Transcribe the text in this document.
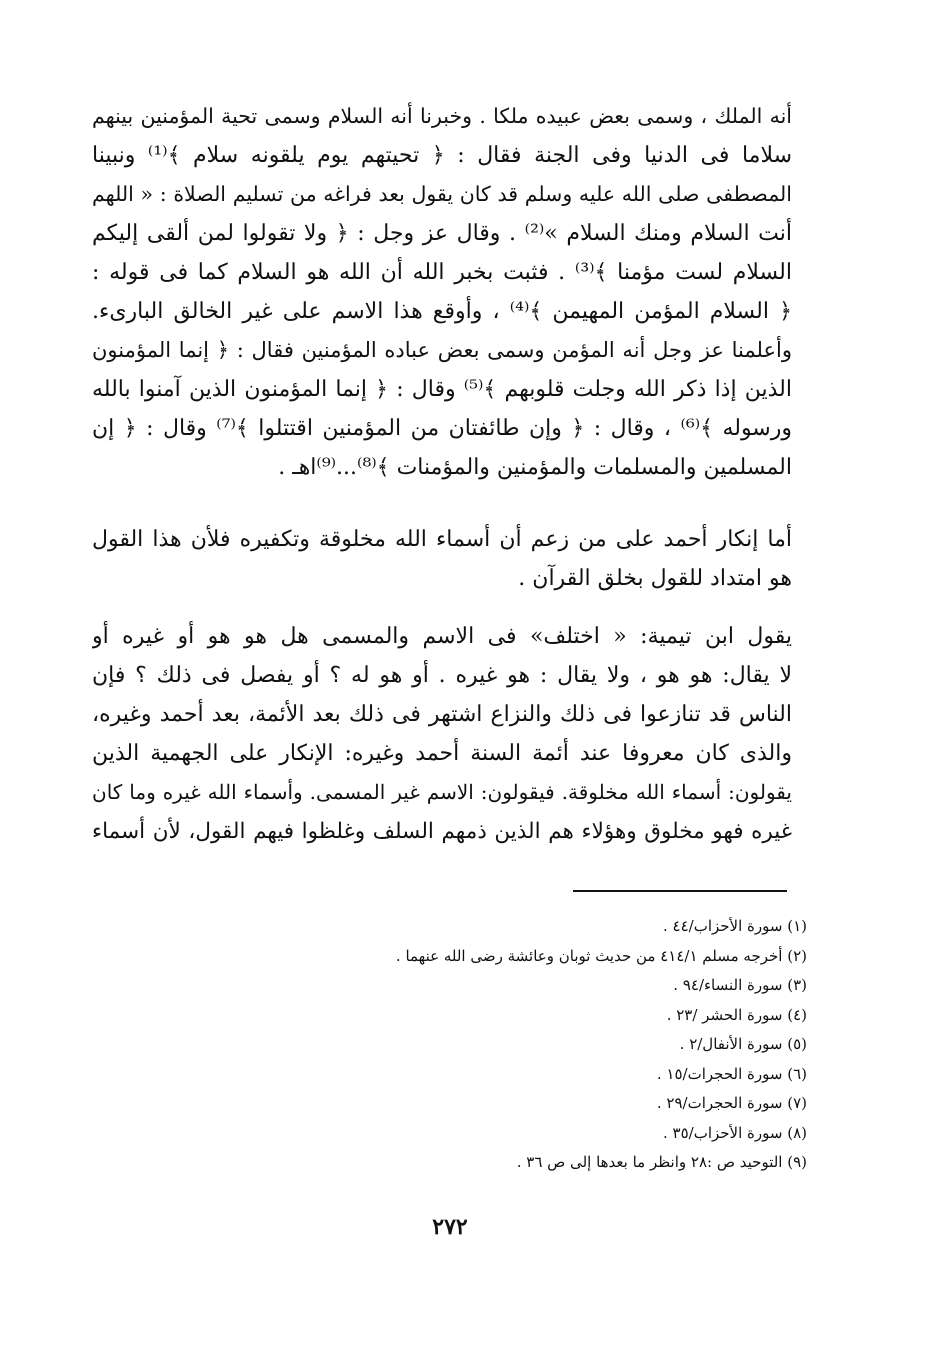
أنه الملك ، وسمى بعض عبيده ملكا . وخبرنا أنه السلام وسمى تحية المؤمنين بينهم
سلاما فى الدنيا وفى الجنة فقال : ﴿ تحيتهم يوم يلقونه سلام ﴾⁽¹⁾ ونبينا
المصطفى صلى الله عليه وسلم قد كان يقول بعد فراغه من تسليم الصلاة : « اللهم
أنت السلام ومنك السلام »⁽²⁾ . وقال عز وجل : ﴿ ولا تقولوا لمن ألقى إليكم
السلام لست مؤمنا ﴾⁽³⁾ . فثبت بخبر الله أن الله هو السلام كما فى قوله :
﴿ السلام المؤمن المهيمن ﴾⁽⁴⁾ ، وأوقع هذا الاسم على غير الخالق البارىء.
وأعلمنا عز وجل أنه المؤمن وسمى بعض عباده المؤمنين فقال : ﴿ إنما المؤمنون
الذين إذا ذكر الله وجلت قلوبهم ﴾⁽⁵⁾ وقال : ﴿ إنما المؤمنون الذين آمنوا بالله
ورسوله ﴾⁽⁶⁾ ، وقال : ﴿ وإن طائفتان من المؤمنين اقتتلوا ﴾⁽⁷⁾ وقال : ﴿ إن
المسلمين والمسلمات والمؤمنين والمؤمنات ﴾⁽⁸⁾...⁽⁹⁾اهـ .
أما إنكار أحمد على من زعم أن أسماء الله مخلوقة وتكفيره فلأن هذا القول
هو امتداد للقول بخلق القرآن .
يقول ابن تيمية: « اختلف» فى الاسم والمسمى هل هو هو أو غيره أو
لا يقال: هو هو ، ولا يقال : هو غيره . أو هو له ؟ أو يفصل فى ذلك ؟ فإن
الناس قد تنازعوا فى ذلك والنزاع اشتهر فى ذلك بعد الأئمة، بعد أحمد وغيره،
والذى كان معروفا عند أئمة السنة أحمد وغيره: الإنكار على الجهمية الذين
يقولون: أسماء الله مخلوقة. فيقولون: الاسم غير المسمى. وأسماء الله غيره وما كان
غيره فهو مخلوق وهؤلاء هم الذين ذمهم السلف وغلظوا فيهم القول، لأن أسماء
(١) سورة الأحزاب/٤٤ .
(٢) أخرجه مسلم ٤١٤/١ من حديث ثوبان وعائشة رضى الله عنهما .
(٣) سورة النساء/٩٤ .
(٤) سورة الحشر /٢٣ .
(٥) سورة الأنفال/٢ .
(٦) سورة الحجرات/١٥ .
(٧) سورة الحجرات/٢٩ .
(٨) سورة الأحزاب/٣٥ .
(٩) التوحيد ص :٢٨ وانظر ما بعدها إلى ص ٣٦ .
٢٧٢
